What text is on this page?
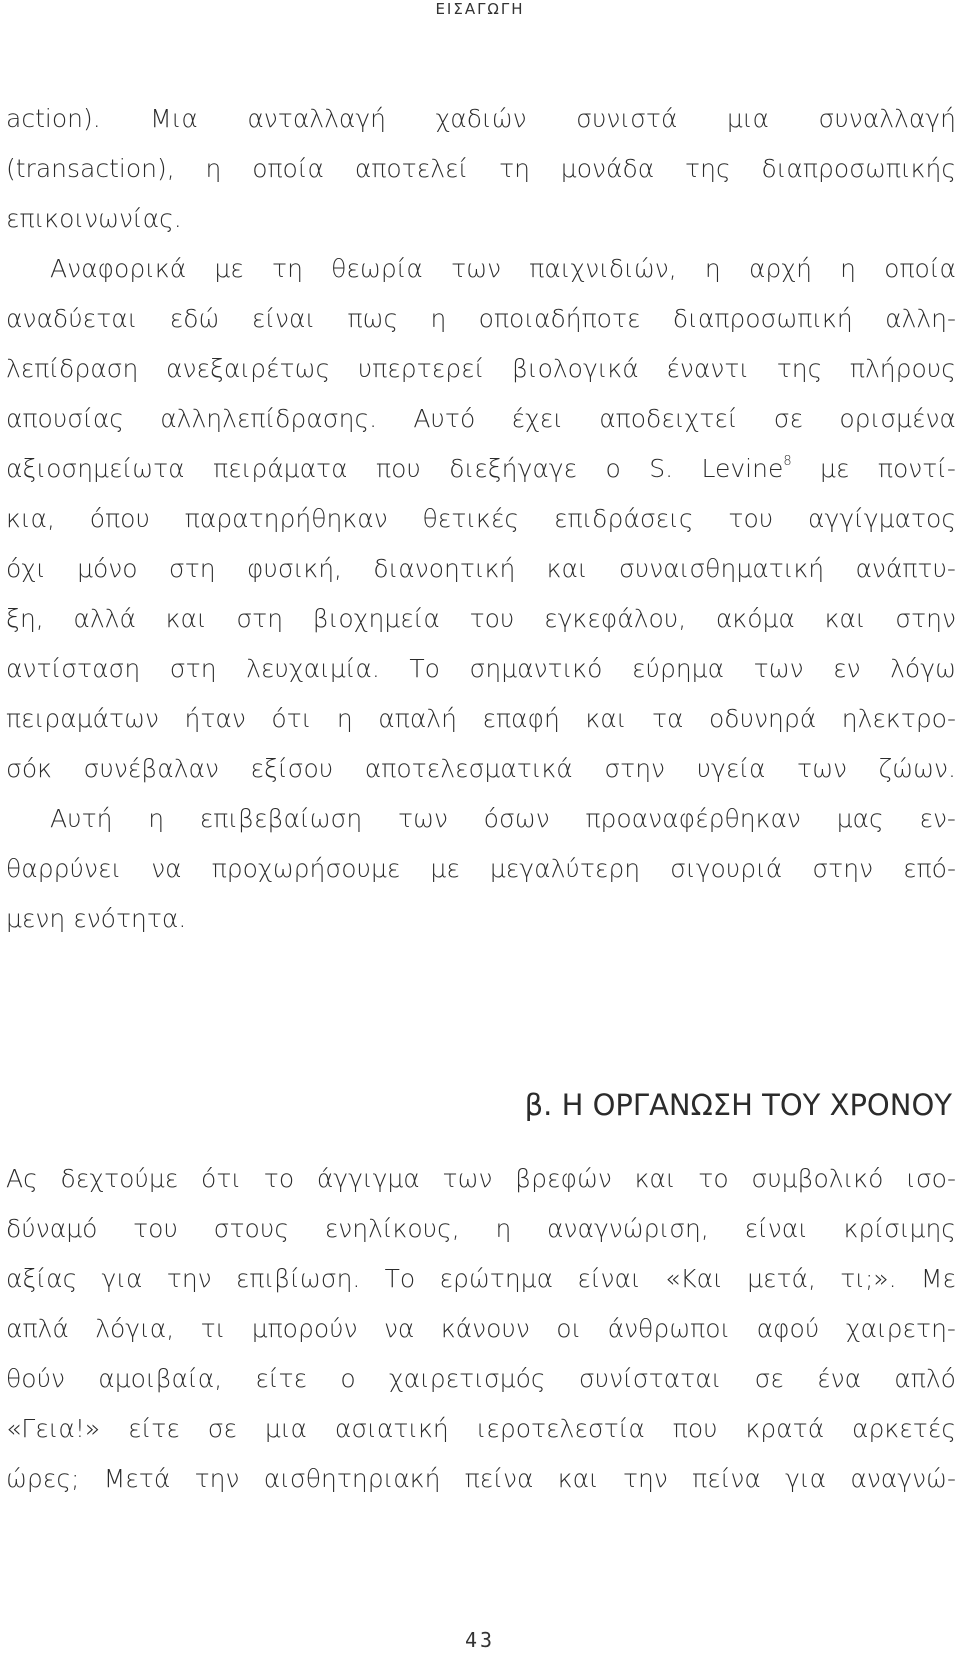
ΕΙΣΑΓΩΓΗ
action). Μια ανταλλαγή χαδιών συνιστά μια συναλλαγή
(transaction), η οποία αποτελεί τη μονάδα της διαπροσωπικής
επικοινωνίας.
Αναφορικά με τη θεωρία των παιχνιδιών, η αρχή η οποία
αναδύεται εδώ είναι πως η οποιαδήποτε διαπροσωπική αλλη-
λεπίδραση ανεξαιρέτως υπερτερεί βιολογικά έναντι της πλήρους
απουσίας αλληλεπίδρασης. Αυτό έχει αποδειχτεί σε ορισμένα
αξιοσημείωτα πειράματα που διεξήγαγε ο S. Levine$^8$ με ποντί-
κια, όπου παρατηρήθηκαν θετικές επιδράσεις του αγγίγματος
όχι μόνο στη φυσική, διανοητική και συναισθηματική ανάπτυ-
ξη, αλλά και στη βιοχημεία του εγκεφάλου, ακόμα και στην
αντίσταση στη λευχαιμία. Το σημαντικό εύρημα των εν λόγω
πειραμάτων ήταν ότι η απαλή επαφή και τα οδυνηρά ηλεκτρο-
σόκ συνέβαλαν εξίσου αποτελεσματικά στην υγεία των ζώων.
Αυτή η επιβεβαίωση των όσων προαναφέρθηκαν μας εν-
θαρρύνει να προχωρήσουμε με μεγαλύτερη σιγουριά στην επό-
μενη ενότητα.
β. Η ΟΡΓΑΝΩΣΗ ΤΟΥ ΧΡΟΝΟΥ
Ας δεχτούμε ότι το άγγιγμα των βρεφών και το συμβολικό ισο-
δύναμό του στους ενηλίκους, η αναγνώριση, είναι κρίσιμης
αξίας για την επιβίωση. Το ερώτημα είναι «Και μετά, τι;». Με
απλά λόγια, τι μπορούν να κάνουν οι άνθρωποι αφού χαιρετη-
θούν αμοιβαία, είτε ο χαιρετισμός συνίσταται σε ένα απλό
«Γεια!» είτε σε μια ασιατική ιεροτελεστία που κρατά αρκετές
ώρες; Μετά την αισθητηριακή πείνα και την πείνα για αναγνώ-
43
